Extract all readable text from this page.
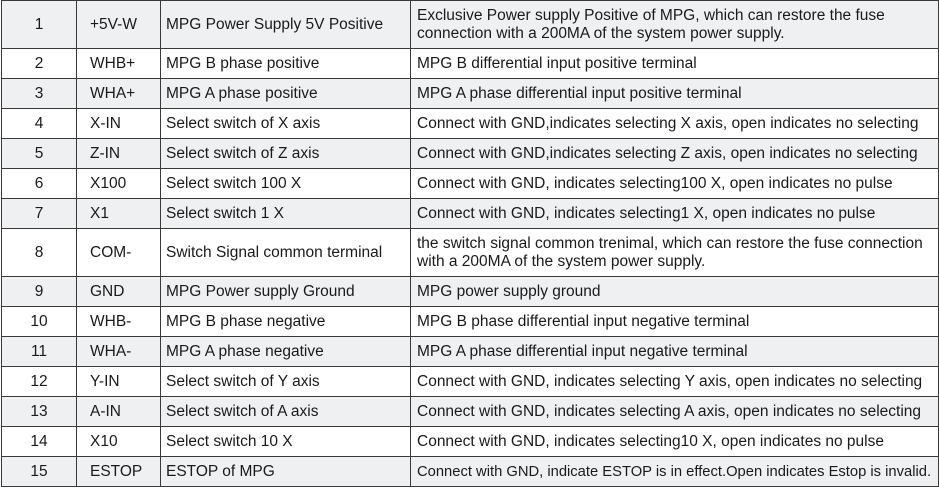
1	+5V-W	MPG Power Supply 5V Positive	Exclusive Power supply Positive of MPG, which can restore the fuse connection with a 200MA of the system power supply.
2	WHB+	MPG B phase positive	MPG B differential input positive terminal
3	WHA+	MPG A phase positive	MPG A phase differential input positive terminal
4	X-IN	Select switch of X axis	Connect with GND,indicates selecting X axis, open indicates no selecting
5	Z-IN	Select switch of Z axis	Connect with GND,indicates selecting Z axis, open indicates no selecting
6	X100	Select switch 100 X	Connect with GND, indicates selecting100 X, open indicates no pulse
7	X1	Select switch 1 X	Connect with GND, indicates selecting1 X, open indicates no pulse
8	COM-	Switch Signal common terminal	the switch signal common trenimal, which can restore the fuse connection with a 200MA of the system power supply.
9	GND	MPG Power supply Ground	MPG power supply ground
10	WHB-	MPG B phase negative	MPG B phase differential input negative terminal
11	WHA-	MPG A phase negative	MPG A phase differential input negative terminal
12	Y-IN	Select switch of Y axis	Connect with GND, indicates selecting Y axis, open indicates no selecting
13	A-IN	Select switch of A axis	Connect with GND, indicates selecting A axis, open indicates no selecting
14	X10	Select switch 10 X	Connect with GND, indicates selecting10 X, open indicates no pulse
15	ESTOP	ESTOP of MPG	Connect with GND, indicate ESTOP is in effect.Open indicates Estop is invalid.
